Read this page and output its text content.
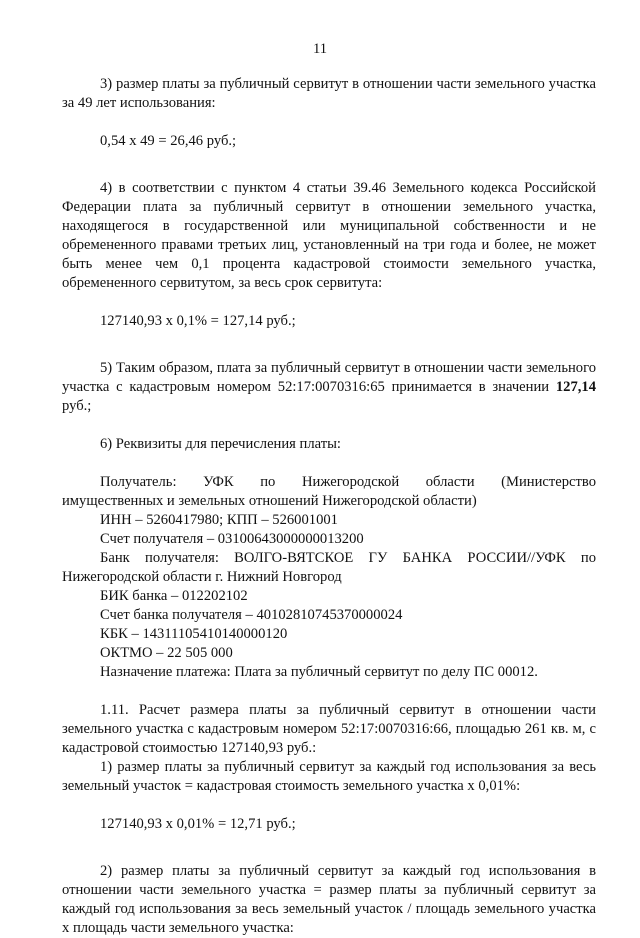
11

3) размер платы за публичный сервитут в отношении части земельного участка за 49 лет использования:

0,54 х 49 = 26,46 руб.;

4) в соответствии с пунктом 4 статьи 39.46 Земельного кодекса Российской Федерации плата за публичный сервитут в отношении земельного участка, находящегося в государственной или муниципальной собственности и не обремененного правами третьих лиц, установленный на три года и более, не может быть менее чем 0,1 процента кадастровой стоимости земельного участка, обремененного сервитутом, за весь срок сервитута:

127140,93 х 0,1% = 127,14 руб.;

5) Таким образом, плата за публичный сервитут в отношении части земельного участка с кадастровым номером 52:17:0070316:65 принимается в значении 127,14 руб.;

6) Реквизиты для перечисления платы:

Получатель: УФК по Нижегородской области (Министерство

имущественных и земельных отношений Нижегородской области)

ИНН – 5260417980; КПП – 526001001

Счет получателя – 03100643000000013200

Банк получателя: ВОЛГО-ВЯТСКОЕ ГУ БАНКА РОССИИ//УФК по

Нижегородской области г. Нижний Новгород

БИК банка – 012202102

Счет банка получателя – 40102810745370000024

КБК – 14311105410140000120

ОКТМО – 22 505 000

Назначение платежа: Плата за публичный сервитут по делу ПС 00012.

1.11. Расчет размера платы за публичный сервитут в отношении части земельного участка с кадастровым номером 52:17:0070316:66, площадью 261 кв. м, с кадастровой стоимостью 127140,93 руб.:

1) размер платы за публичный сервитут за каждый год использования за весь земельный участок = кадастровая стоимость земельного участка х 0,01%:

127140,93 х 0,01% = 12,71 руб.;

2) размер платы за публичный сервитут за каждый год использования в отношении части земельного участка = размер платы за публичный сервитут за каждый год использования за весь земельный участок / площадь земельного участка х площадь части земельного участка:
